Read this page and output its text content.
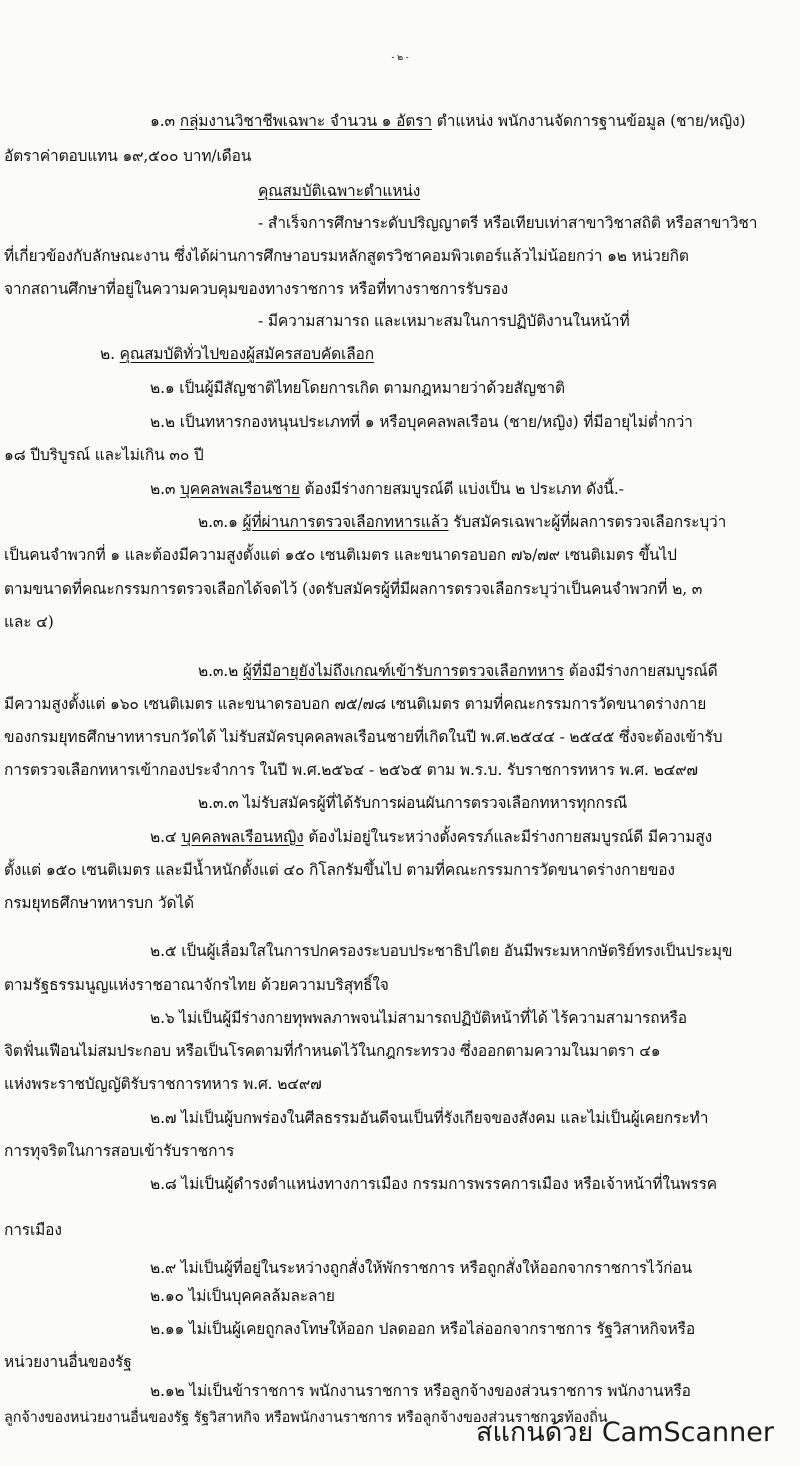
- ๒ -
๑.๓ กลุ่มงานวิชาชีพเฉพาะ จำนวน ๑ อัตรา ตำแหน่ง พนักงานจัดการฐานข้อมูล (ชาย/หญิง)
อัตราค่าตอบแทน ๑๙,๕๐๐ บาท/เดือน
คุณสมบัติเฉพาะตำแหน่ง
- สำเร็จการศึกษาระดับปริญญาตรี หรือเทียบเท่าสาขาวิชาสถิติ หรือสาขาวิชา
ที่เกี่ยวข้องกับลักษณะงาน ซึ่งได้ผ่านการศึกษาอบรมหลักสูตรวิชาคอมพิวเตอร์แล้วไม่น้อยกว่า ๑๒ หน่วยกิต
จากสถานศึกษาที่อยู่ในความควบคุมของทางราชการ หรือที่ทางราชการรับรอง
- มีความสามารถ และเหมาะสมในการปฏิบัติงานในหน้าที่
๒. คุณสมบัติทั่วไปของผู้สมัครสอบคัดเลือก
๒.๑ เป็นผู้มีสัญชาติไทยโดยการเกิด ตามกฎหมายว่าด้วยสัญชาติ
๒.๒ เป็นทหารกองหนุนประเภทที่ ๑ หรือบุคคลพลเรือน (ชาย/หญิง) ที่มีอายุไม่ต่ำกว่า
๑๘ ปีบริบูรณ์ และไม่เกิน ๓๐ ปี
๒.๓ บุคคลพลเรือนชาย ต้องมีร่างกายสมบูรณ์ดี แบ่งเป็น ๒ ประเภท ดังนี้.-
๒.๓.๑ ผู้ที่ผ่านการตรวจเลือกทหารแล้ว รับสมัครเฉพาะผู้ที่ผลการตรวจเลือกระบุว่า
เป็นคนจำพวกที่ ๑ และต้องมีความสูงตั้งแต่ ๑๕๐ เซนติเมตร และขนาดรอบอก ๗๖/๗๙ เซนติเมตร ขึ้นไป
ตามขนาดที่คณะกรรมการตรวจเลือกได้จดไว้ (งดรับสมัครผู้ที่มีผลการตรวจเลือกระบุว่าเป็นคนจำพวกที่ ๒, ๓
และ ๔)
๒.๓.๒ ผู้ที่มีอายุยังไม่ถึงเกณฑ์เข้ารับการตรวจเลือกทหาร ต้องมีร่างกายสมบูรณ์ดี
มีความสูงตั้งแต่ ๑๖๐ เซนติเมตร และขนาดรอบอก ๗๕/๗๘ เซนติเมตร ตามที่คณะกรรมการวัดขนาดร่างกาย
ของกรมยุทธศึกษาทหารบกวัดได้ ไม่รับสมัครบุคคลพลเรือนชายที่เกิดในปี พ.ศ.๒๕๔๔ - ๒๕๔๕ ซึ่งจะต้องเข้ารับ
การตรวจเลือกทหารเข้ากองประจำการ ในปี พ.ศ.๒๕๖๔ - ๒๕๖๕ ตาม พ.ร.บ. รับราชการทหาร พ.ศ. ๒๔๙๗
๒.๓.๓ ไม่รับสมัครผู้ที่ได้รับการผ่อนผันการตรวจเลือกทหารทุกกรณี
๒.๔ บุคคลพลเรือนหญิง ต้องไม่อยู่ในระหว่างตั้งครรภ์และมีร่างกายสมบูรณ์ดี มีความสูง
ตั้งแต่ ๑๕๐ เซนติเมตร และมีน้ำหนักตั้งแต่ ๔๐ กิโลกรัมขึ้นไป ตามที่คณะกรรมการวัดขนาดร่างกายของ
กรมยุทธศึกษาทหารบก วัดได้
๒.๕ เป็นผู้เลื่อมใสในการปกครองระบอบประชาธิปไตย อันมีพระมหากษัตริย์ทรงเป็นประมุข
ตามรัฐธรรมนูญแห่งราชอาณาจักรไทย ด้วยความบริสุทธิ์ใจ
๒.๖ ไม่เป็นผู้มีร่างกายทุพพลภาพจนไม่สามารถปฏิบัติหน้าที่ได้ ไร้ความสามารถหรือ
จิตฟั่นเฟือนไม่สมประกอบ หรือเป็นโรคตามที่กำหนดไว้ในกฎกระทรวง ซึ่งออกตามความในมาตรา ๔๑
แห่งพระราชบัญญัติรับราชการทหาร พ.ศ. ๒๔๙๗
๒.๗ ไม่เป็นผู้บกพร่องในศีลธรรมอันดีจนเป็นที่รังเกียจของสังคม และไม่เป็นผู้เคยกระทำ
การทุจริตในการสอบเข้ารับราชการ
๒.๘ ไม่เป็นผู้ดำรงตำแหน่งทางการเมือง กรรมการพรรคการเมือง หรือเจ้าหน้าที่ในพรรค
การเมือง
๒.๙ ไม่เป็นผู้ที่อยู่ในระหว่างถูกสั่งให้พักราชการ หรือถูกสั่งให้ออกจากราชการไว้ก่อน
๒.๑๐ ไม่เป็นบุคคลล้มละลาย
๒.๑๑ ไม่เป็นผู้เคยถูกลงโทษให้ออก ปลดออก หรือไล่ออกจากราชการ รัฐวิสาหกิจหรือ
หน่วยงานอื่นของรัฐ
๒.๑๒ ไม่เป็นข้าราชการ พนักงานราชการ หรือลูกจ้างของส่วนราชการ พนักงานหรือ
ลูกจ้างของหน่วยงานอื่นของรัฐ รัฐวิสาหกิจ หรือพนักงานราชการ หรือลูกจ้างของส่วนราชการท้องถิ่น
สแกนด้วย CamScanner
